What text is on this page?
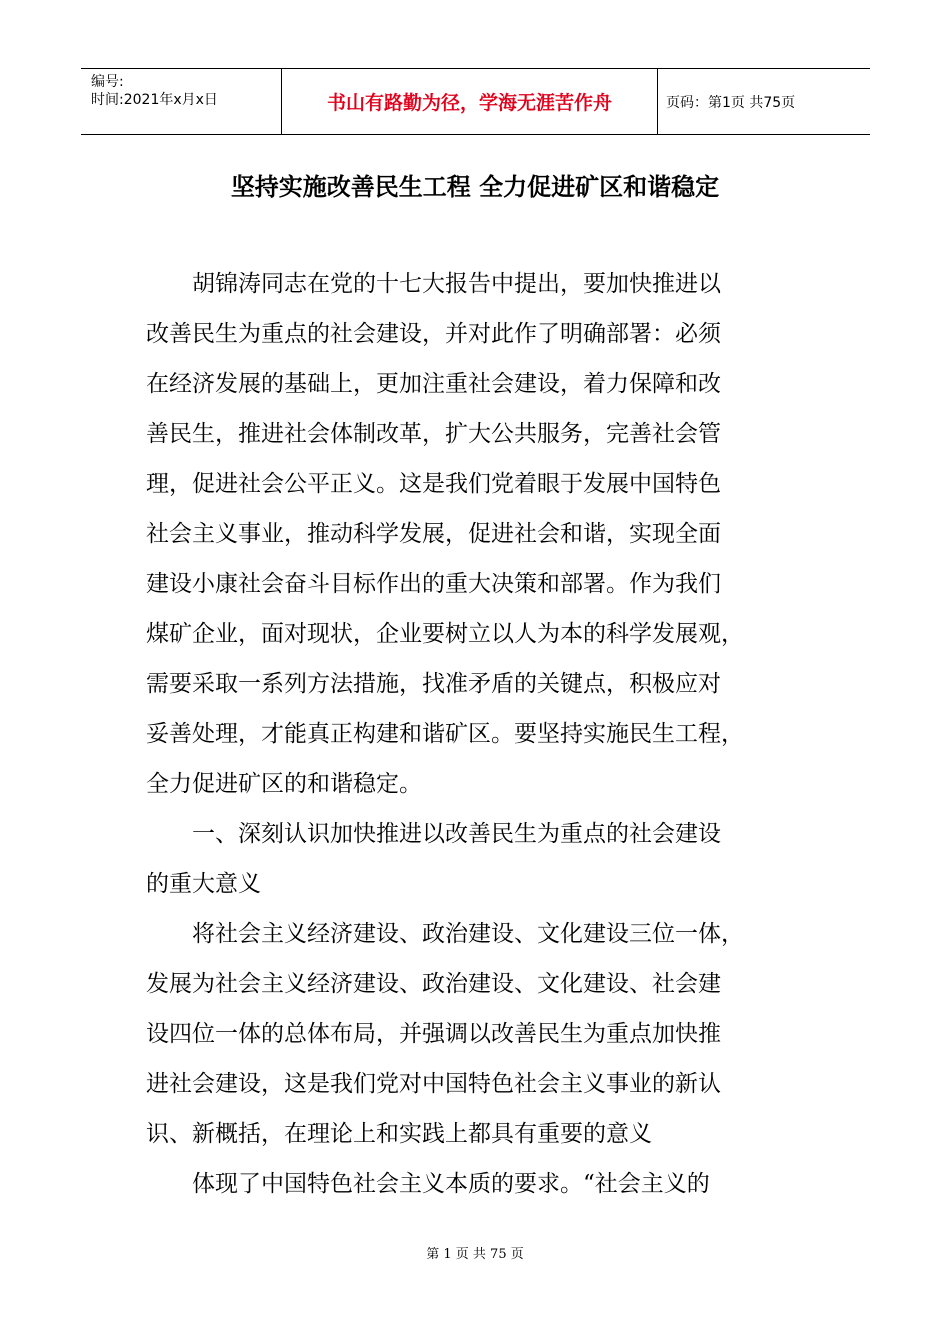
编号:
时间:2021年x月x日	书山有路勤为径，学海无涯苦作舟	页码：第1页 共75页
坚持实施改善民生工程 全力促进矿区和谐稳定
　　胡锦涛同志在党的十七大报告中提出，要加快推进以
改善民生为重点的社会建设，并对此作了明确部署：必须
在经济发展的基础上，更加注重社会建设，着力保障和改
善民生，推进社会体制改革，扩大公共服务，完善社会管
理，促进社会公平正义。这是我们党着眼于发展中国特色
社会主义事业，推动科学发展，促进社会和谐，实现全面
建设小康社会奋斗目标作出的重大决策和部署。作为我们
煤矿企业，面对现状，企业要树立以人为本的科学发展观，
需要采取一系列方法措施，找准矛盾的关键点，积极应对
妥善处理，才能真正构建和谐矿区。要坚持实施民生工程，
全力促进矿区的和谐稳定。
　　一、深刻认识加快推进以改善民生为重点的社会建设
的重大意义
　　将社会主义经济建设、政治建设、文化建设三位一体，
发展为社会主义经济建设、政治建设、文化建设、社会建
设四位一体的总体布局，并强调以改善民生为重点加快推
进社会建设，这是我们党对中国特色社会主义事业的新认
识、新概括，在理论上和实践上都具有重要的意义
　　体现了中国特色社会主义本质的要求。“社会主义的
第 1 页 共 75 页
